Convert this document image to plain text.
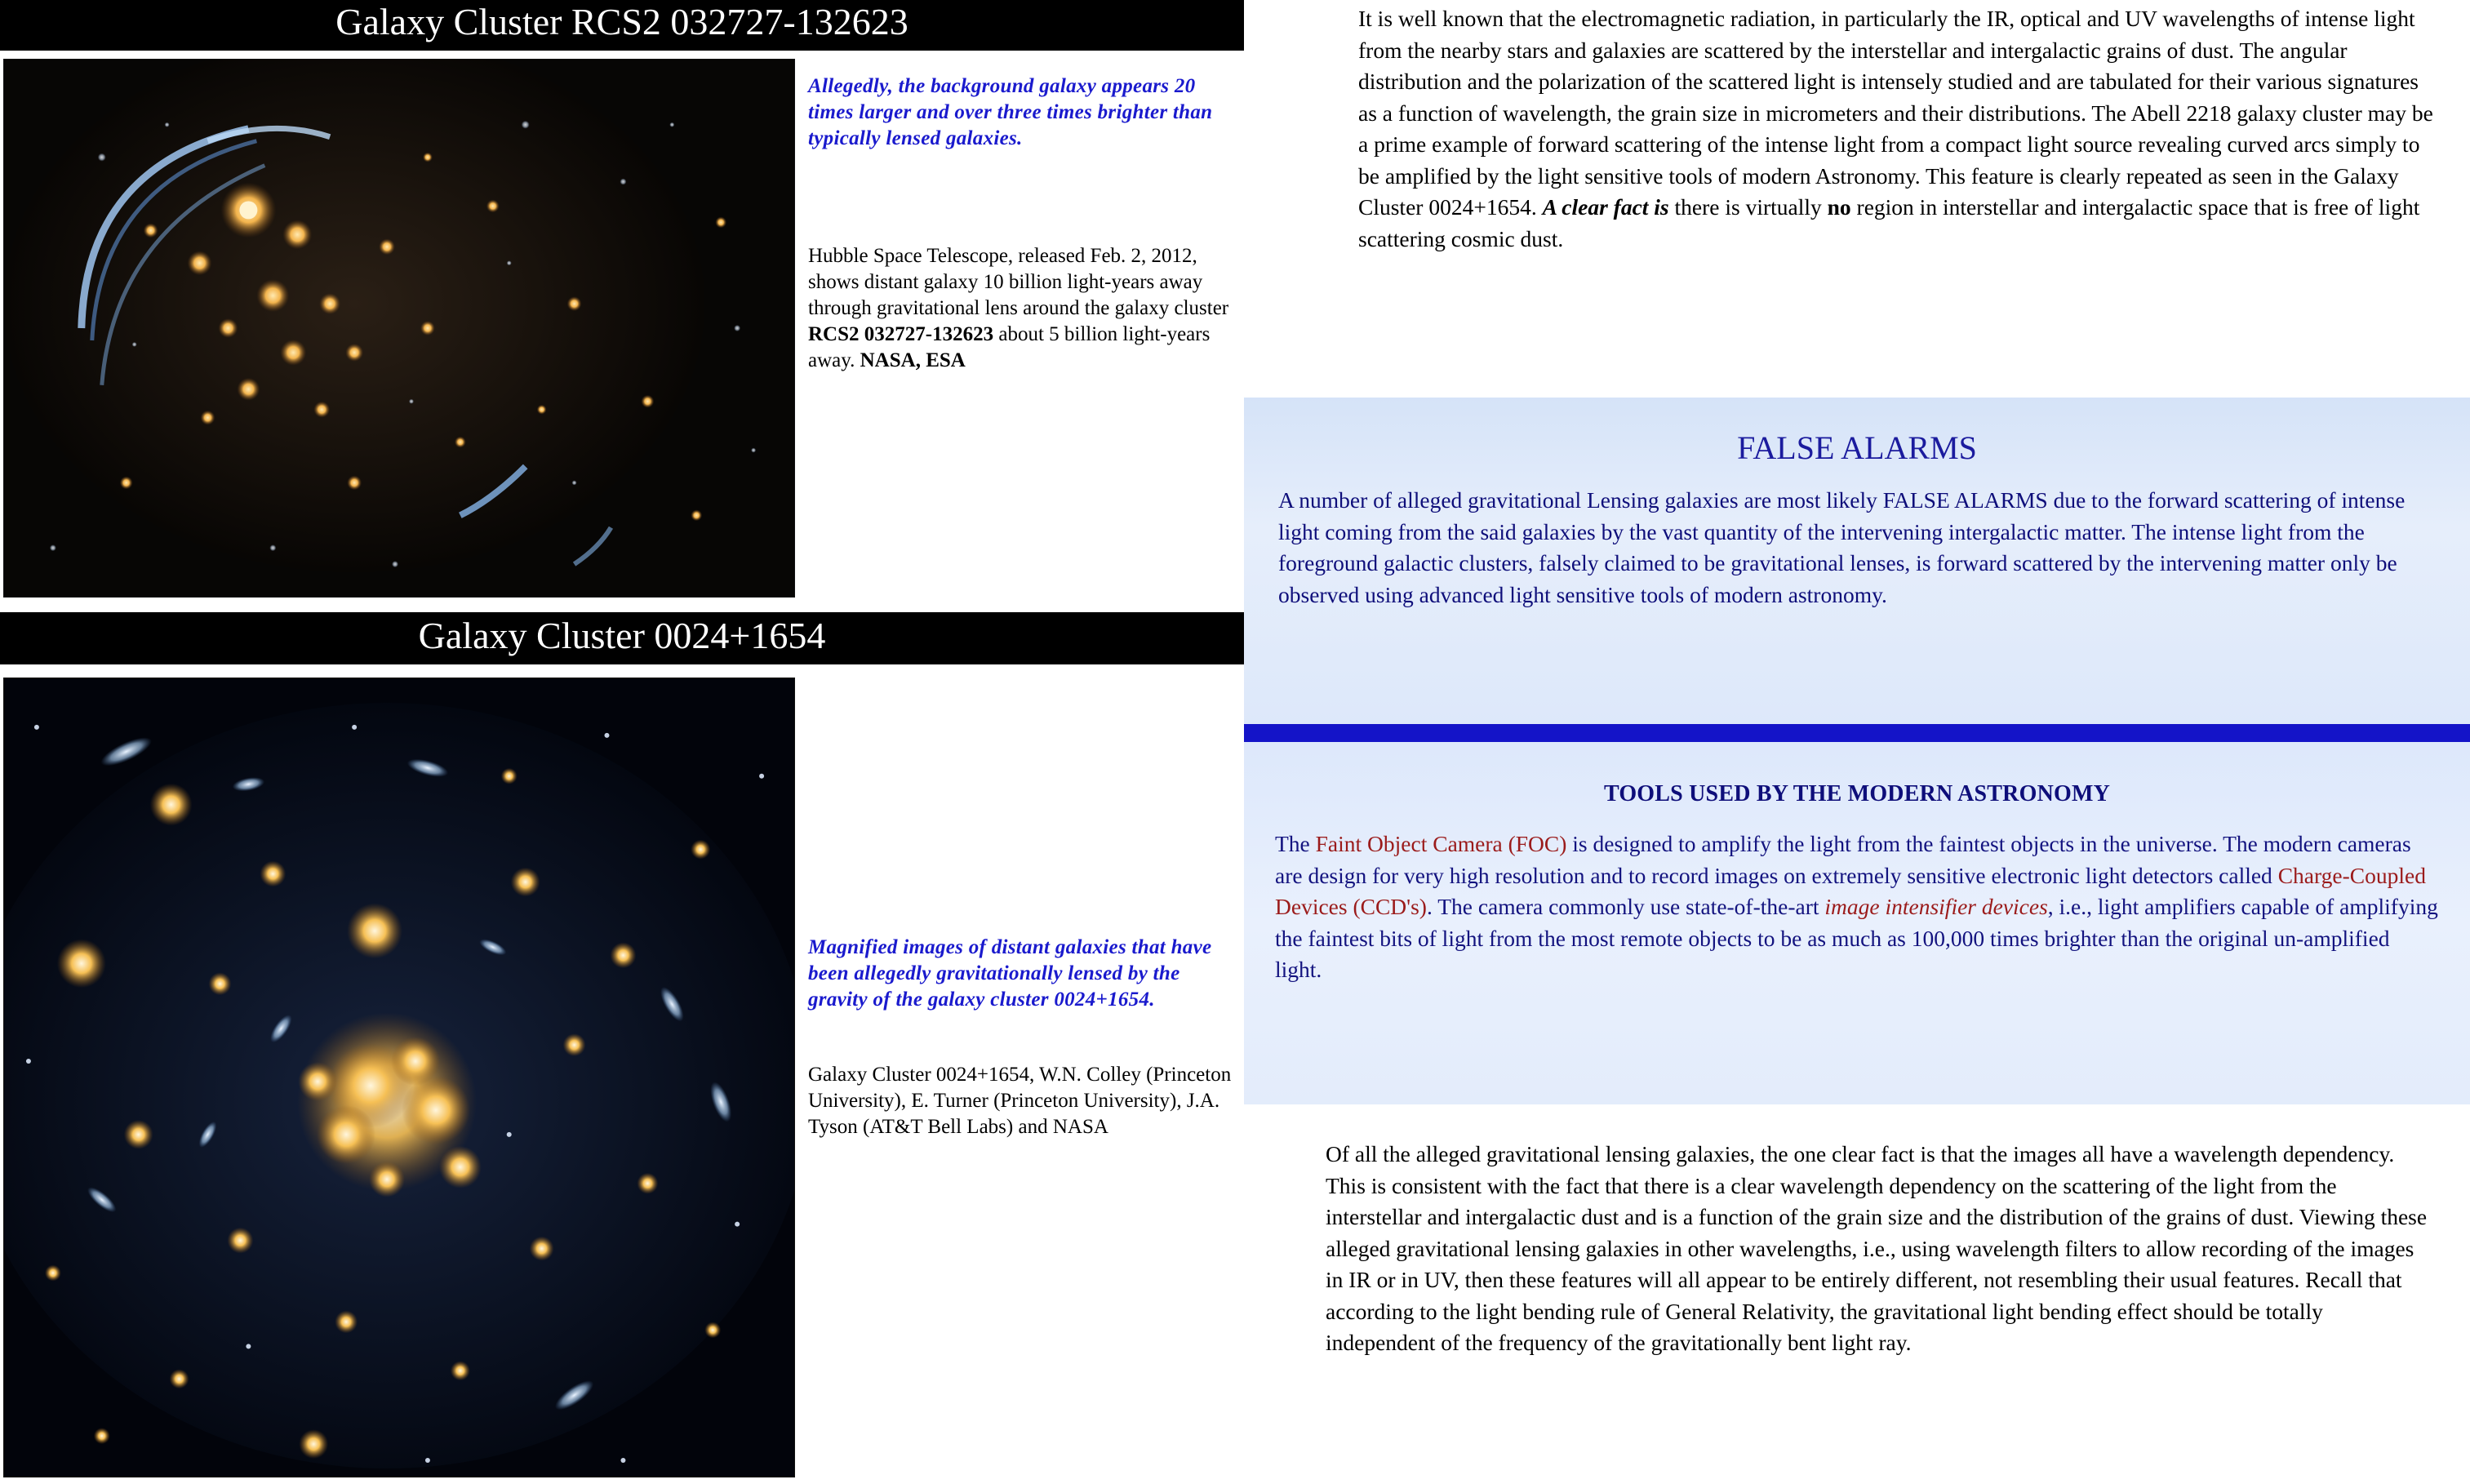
Galaxy Cluster RCS2 032727-132623
Allegedly, the background galaxy appears 20 times larger and over three times brighter than typically lensed galaxies.
Hubble Space Telescope, released Feb. 2, 2012, shows distant galaxy 10 billion light-years away through gravitational lens around the galaxy cluster RCS2 032727-132623 about 5 billion light-years away. NASA, ESA
Galaxy Cluster 0024+1654
Magnified images of distant galaxies that have been allegedly gravitationally lensed by the gravity of the galaxy cluster 0024+1654.
Galaxy Cluster 0024+1654, W.N. Colley (Princeton University), E. Turner (Princeton University), J.A. Tyson (AT&T Bell Labs) and NASA
It is well known that the electromagnetic radiation, in particularly the IR, optical and UV wavelengths of intense light from the nearby stars and galaxies are scattered by the interstellar and intergalactic grains of dust. The angular distribution and the polarization of the scattered light is intensely studied and are tabulated for their various signatures as a function of wavelength, the grain size in micrometers and their distributions. The Abell 2218 galaxy cluster may be a prime example of forward scattering of the intense light from a compact light source revealing curved arcs simply to be amplified by the light sensitive tools of modern Astronomy. This feature is clearly repeated as seen in the Galaxy Cluster 0024+1654. A clear fact is there is virtually no region in interstellar and intergalactic space that is free of light scattering cosmic dust.
FALSE ALARMS
A number of alleged gravitational Lensing galaxies are most likely FALSE ALARMS due to the forward scattering of intense light coming from the said galaxies by the vast quantity of the intervening intergalactic matter. The intense light from the foreground galactic clusters, falsely claimed to be gravitational lenses, is forward scattered by the intervening matter only be observed using advanced light sensitive tools of modern astronomy.
TOOLS USED BY THE MODERN ASTRONOMY
The Faint Object Camera (FOC) is designed to amplify the light from the faintest objects in the universe. The modern cameras are design for very high resolution and to record images on extremely sensitive electronic light detectors called Charge-Coupled Devices (CCD's). The camera commonly use state-of-the-art image intensifier devices, i.e., light amplifiers capable of amplifying the faintest bits of light from the most remote objects to be as much as 100,000 times brighter than the original un-amplified light.
Of all the alleged gravitational lensing galaxies, the one clear fact is that the images all have a wavelength dependency. This is consistent with the fact that there is a clear wavelength dependency on the scattering of the light from the interstellar and intergalactic dust and is a function of the grain size and the distribution of the grains of dust. Viewing these alleged gravitational lensing galaxies in other wavelengths, i.e., using wavelength filters to allow recording of the images in IR or in UV, then these features will all appear to be entirely different, not resembling their usual features. Recall that according to the light bending rule of General Relativity, the gravitational light bending effect should be totally independent of the frequency of the gravitationally bent light ray.
